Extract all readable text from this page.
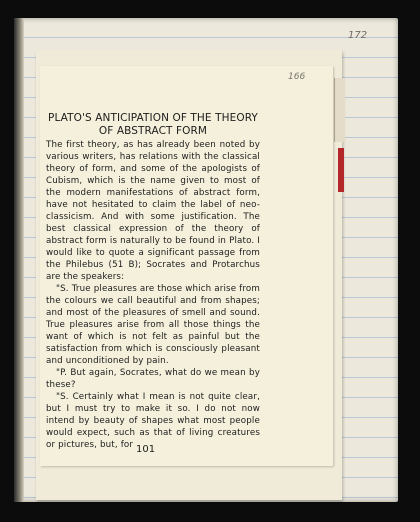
172
166
PLATO'S ANTICIPATION OF THE THEORY
OF ABSTRACT FORM

The first theory, as has already been noted by various writers, has relations with the classical theory of form, and some of the apologists of Cubism, which is the name given to most of the modern manifestations of abstract form, have not hesitated to claim the label of neo-classicism. And with some justification. The best classical expression of the theory of abstract form is naturally to be found in Plato. I would like to quote a significant passage from the Philebus (51 B); Socrates and Protarchus are the speakers:

"S. True pleasures are those which arise from the colours we call beautiful and from shapes; and most of the pleasures of smell and sound. True pleasures arise from all those things the want of which is not felt as painful but the satisfaction from which is consciously pleasant and unconditioned by pain.

"P. But again, Socrates, what do we mean by these?

"S. Certainly what I mean is not quite clear, but I must try to make it so. I do not now intend by beauty of shapes what most people would expect, such as that of living creatures or pictures, but, for 101
